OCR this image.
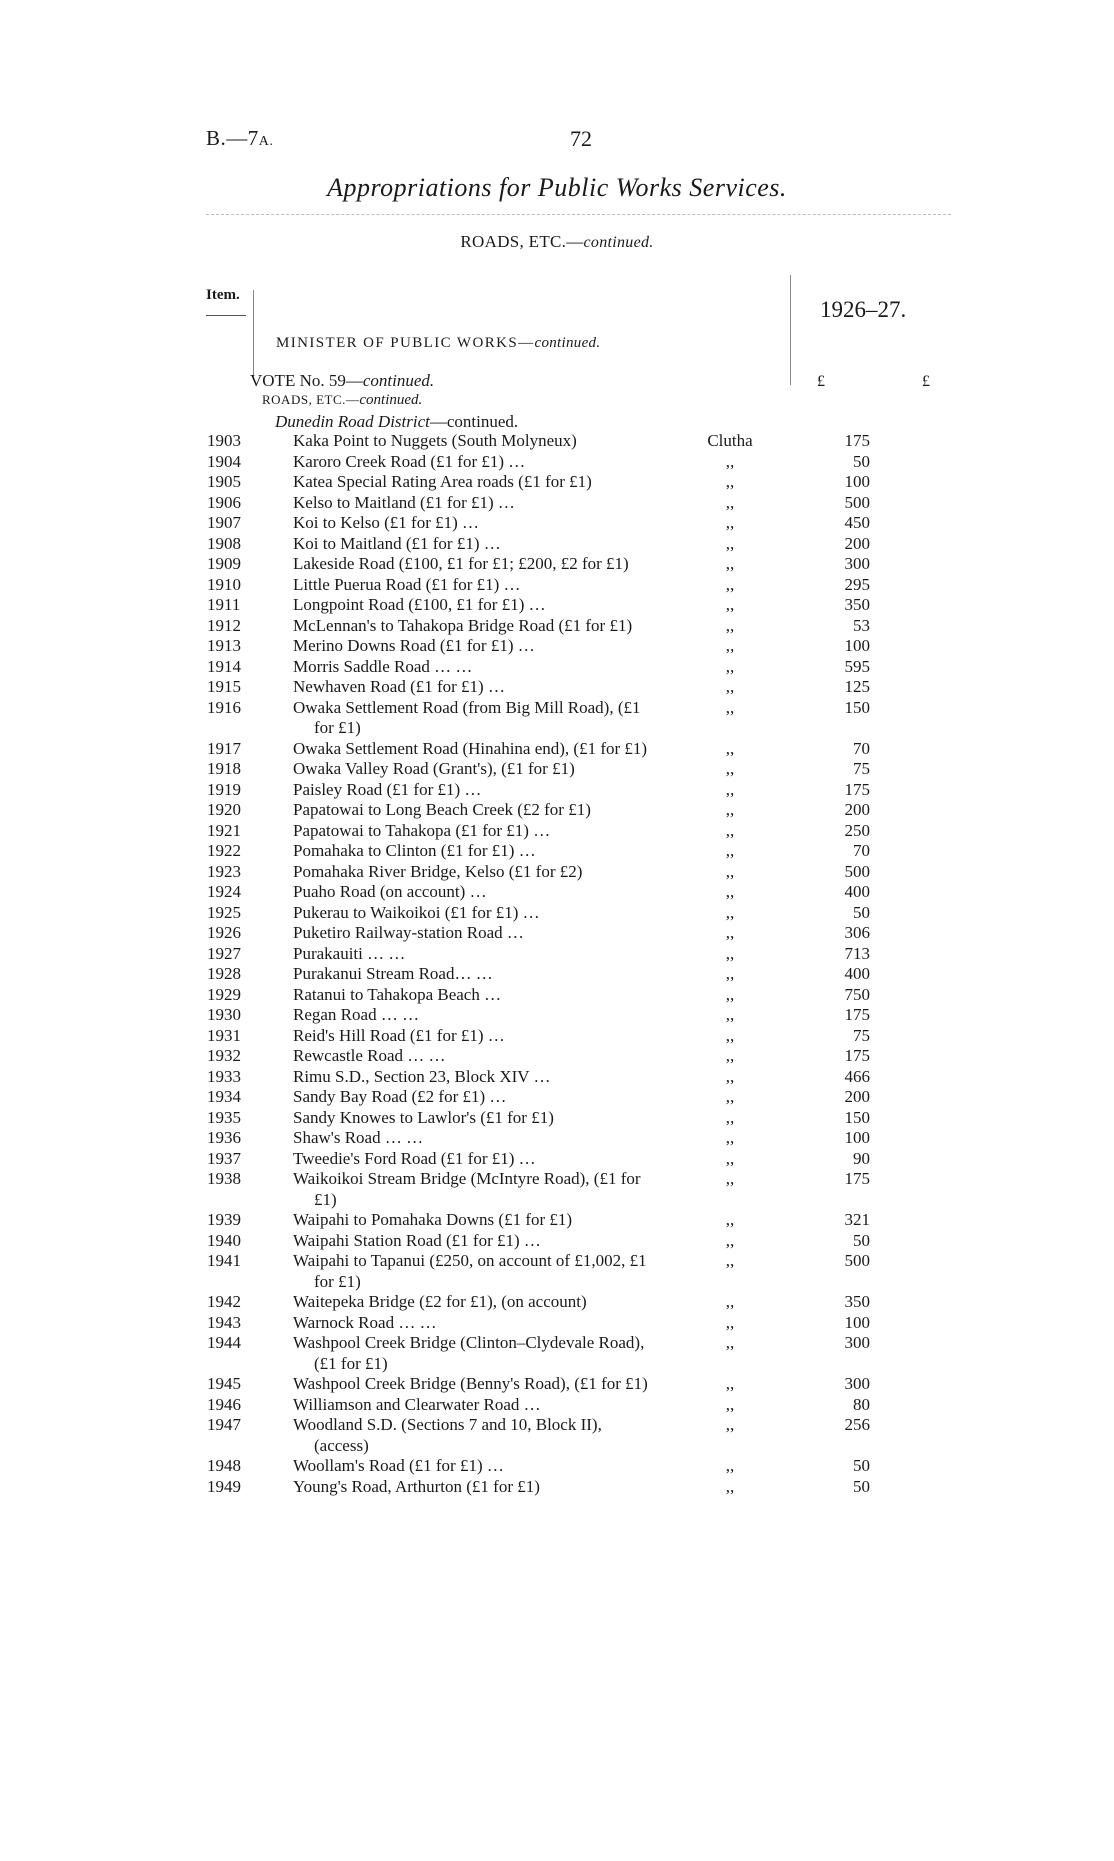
B.—7A.	72
Appropriations for Public Works Services.
ROADS, ETC.—continued.
Item.
1926–27.
MINISTER OF PUBLIC WORKS—continued.
VOTE No. 59—continued.
ROADS, ETC.—continued.
Dunedin Road District—continued.
£	£
1903	Kaka Point to Nuggets (South Molyneux)	Clutha	175
1904	Karoro Creek Road (£1 for £1) …	,,	50
1905	Katea Special Rating Area roads (£1 for £1)	,,	100
1906	Kelso to Maitland (£1 for £1) …	,,	500
1907	Koi to Kelso (£1 for £1) …	,,	450
1908	Koi to Maitland (£1 for £1) …	,,	200
1909	Lakeside Road (£100, £1 for £1; £200, £2 for £1)	,,	300
1910	Little Puerua Road (£1 for £1) …	,,	295
1911	Longpoint Road (£100, £1 for £1) …	,,	350
1912	McLennan's to Tahakopa Bridge Road (£1 for £1)	,,	53
1913	Merino Downs Road (£1 for £1) …	,,	100
1914	Morris Saddle Road … …	,,	595
1915	Newhaven Road (£1 for £1) …	,,	125
1916	Owaka Settlement Road (from Big Mill Road), (£1 for £1)
,,	150
1917	Owaka Settlement Road (Hinahina end), (£1 for £1)	,,	70
1918	Owaka Valley Road (Grant's), (£1 for £1)	,,	75
1919	Paisley Road (£1 for £1) …	,,	175
1920	Papatowai to Long Beach Creek (£2 for £1)	,,	200
1921	Papatowai to Tahakopa (£1 for £1) …	,,	250
1922	Pomahaka to Clinton (£1 for £1) …	,,	70
1923	Pomahaka River Bridge, Kelso (£1 for £2)	,,	500
1924	Puaho Road (on account) …	,,	400
1925	Pukerau to Waikoikoi (£1 for £1) …	,,	50
1926	Puketiro Railway-station Road …	,,	306
1927	Purakauiti … …	,,	713
1928	Purakanui Stream Road… …	,,	400
1929	Ratanui to Tahakopa Beach …	,,	750
1930	Regan Road … …	,,	175
1931	Reid's Hill Road (£1 for £1) …	,,	75
1932	Rewcastle Road … …	,,	175
1933	Rimu S.D., Section 23, Block XIV …	,,	466
1934	Sandy Bay Road (£2 for £1) …	,,	200
1935	Sandy Knowes to Lawlor's (£1 for £1)	,,	150
1936	Shaw's Road … …	,,	100
1937	Tweedie's Ford Road (£1 for £1) …	,,	90
1938	Waikoikoi Stream Bridge (McIntyre Road), (£1 for £1)
,,	175
1939	Waipahi to Pomahaka Downs (£1 for £1)	,,	321
1940	Waipahi Station Road (£1 for £1) …	,,	50
1941	Waipahi to Tapanui (£250, on account of £1,002, £1 for £1)
,,	500
1942	Waitepeka Bridge (£2 for £1), (on account)	,,	350
1943	Warnock Road … …	,,	100
1944	Washpool Creek Bridge (Clinton–Clydevale Road), (£1 for £1)
,,	300
1945	Washpool Creek Bridge (Benny's Road), (£1 for £1)	,,	300
1946	Williamson and Clearwater Road …	,,	80
1947	Woodland S.D. (Sections 7 and 10, Block II), (access)
,,	256
1948	Woollam's Road (£1 for £1) …	,,	50
1949	Young's Road, Arthurton (£1 for £1)	,,	50
